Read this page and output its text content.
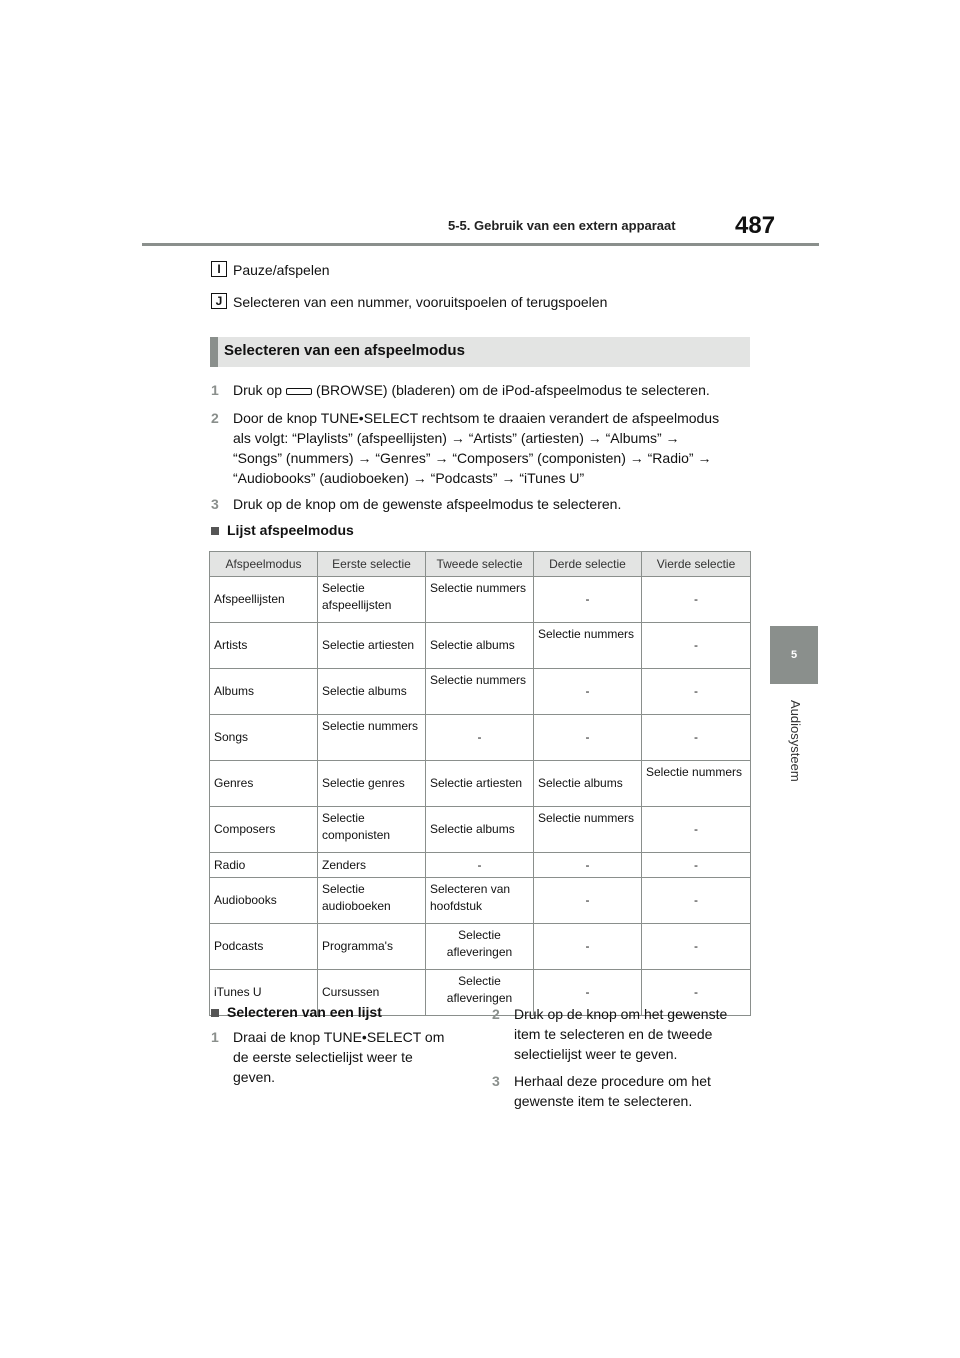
5-5. Gebruik van een extern apparaat 487
5
Audiosysteem
I Pauze/afspelen
J Selecteren van een nummer, vooruitspoelen of terugspoelen
Selecteren van een afspeelmodus
1 Druk op (BROWSE) (bladeren) om de iPod-afspeelmodus te selecteren.
2 Door de knop TUNE•SELECT rechtsom te draaien verandert de afspeelmodus
als volgt: “Playlists” (afspeellijsten) → “Artists” (artiesten) → “Albums” →
“Songs” (nummers) → “Genres” → “Composers” (componisten) → “Radio” →
“Audiobooks” (audioboeken) → “Podcasts” → “iTunes U”
3 Druk op de knop om de gewenste afspeelmodus te selecteren.
Lijst afspeelmodus
Afspeelmodus	Eerste selectie	Tweede selectie	Derde selectie	Vierde selectie
Afspeellijsten	Selectie afspeellijsten	Selectie nummers	-	-
Artists	Selectie artiesten	Selectie albums	Selectie nummers	-
Albums	Selectie albums	Selectie nummers	-	-
Songs	Selectie nummers	-	-	-
Genres	Selectie genres	Selectie artiesten	Selectie albums	Selectie nummers
Composers	Selectie componisten	Selectie albums	Selectie nummers	-
Radio	Zenders	-	-	-
Audiobooks	Selectie audioboeken	Selecteren van hoofdstuk	-	-
Podcasts	Programma's	Selectie afleveringen	-	-
iTunes U	Cursussen	Selectie afleveringen	-	-
Selecteren van een lijst
1 Draai de knop TUNE•SELECT om
de eerste selectielijst weer te
geven.
2 Druk op de knop om het gewenste
item te selecteren en de tweede
selectielijst weer te geven.
3 Herhaal deze procedure om het
gewenste item te selecteren.
